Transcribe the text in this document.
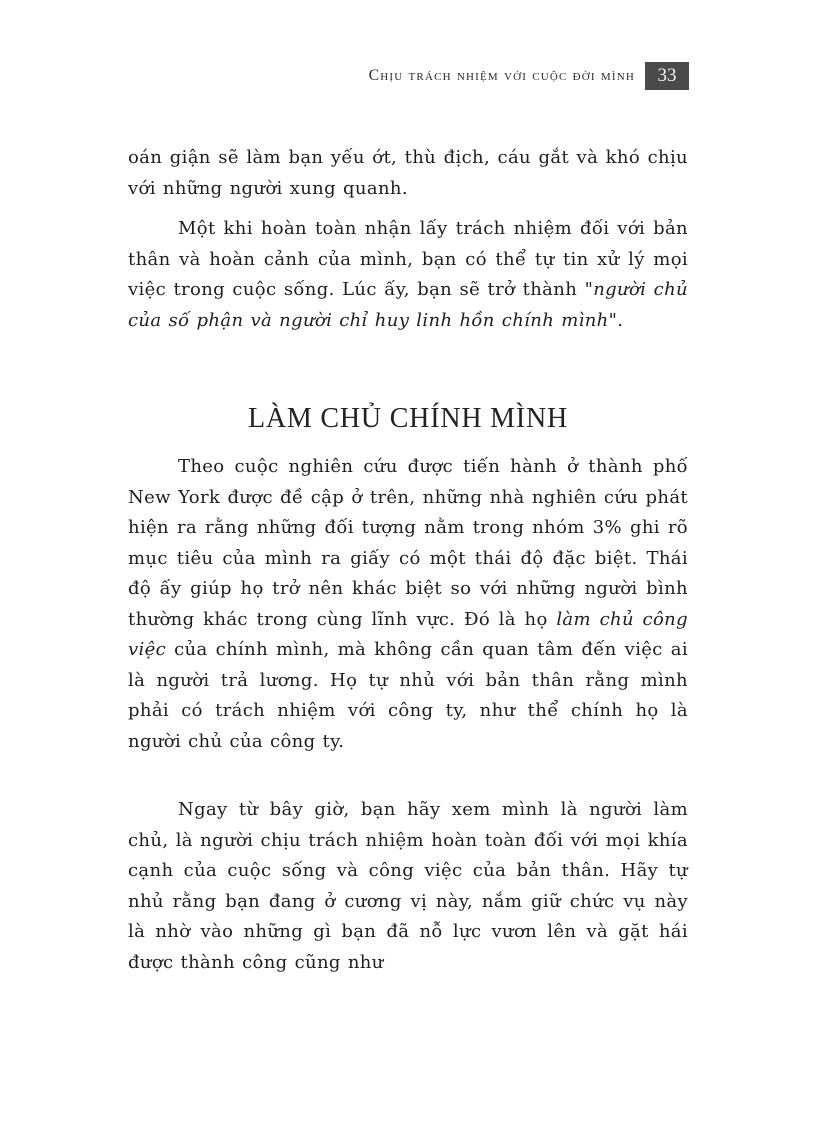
Chịu trách nhiệm với cuộc đời mình	33

oán giận sẽ làm bạn yếu ớt, thù địch, cáu gắt và khó chịu với những người xung quanh.

Một khi hoàn toàn nhận lấy trách nhiệm đối với bản thân và hoàn cảnh của mình, bạn có thể tự tin xử lý mọi việc trong cuộc sống. Lúc ấy, bạn sẽ trở thành "người chủ của số phận và người chỉ huy linh hồn chính mình".

LÀM CHỦ CHÍNH MÌNH

Theo cuộc nghiên cứu được tiến hành ở thành phố New York được đề cập ở trên, những nhà nghiên cứu phát hiện ra rằng những đối tượng nằm trong nhóm 3% ghi rõ mục tiêu của mình ra giấy có một thái độ đặc biệt. Thái độ ấy giúp họ trở nên khác biệt so với những người bình thường khác trong cùng lĩnh vực. Đó là họ làm chủ công việc của chính mình, mà không cần quan tâm đến việc ai là người trả lương. Họ tự nhủ với bản thân rằng mình phải có trách nhiệm với công ty, như thể chính họ là người chủ của công ty.

Ngay từ bây giờ, bạn hãy xem mình là người làm chủ, là người chịu trách nhiệm hoàn toàn đối với mọi khía cạnh của cuộc sống và công việc của bản thân. Hãy tự nhủ rằng bạn đang ở cương vị này, nắm giữ chức vụ này là nhờ vào những gì bạn đã nỗ lực vươn lên và gặt hái được thành công cũng như
